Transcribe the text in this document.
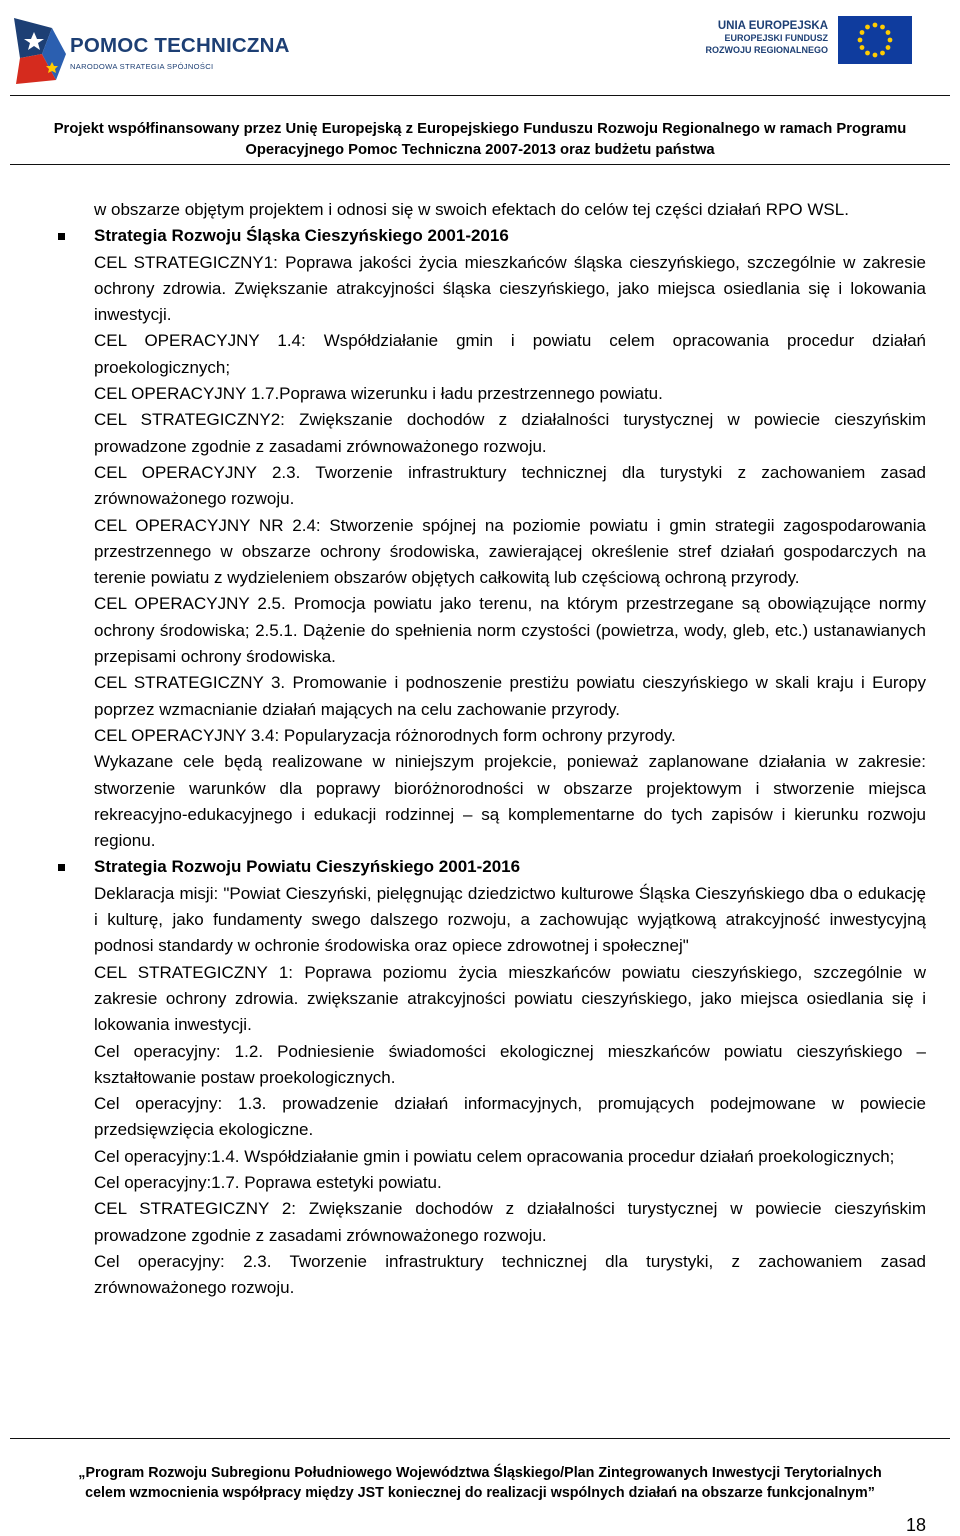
POMOC TECHNICZNA
NARODOWA STRATEGIA SPÓJNOŚCI
UNIA EUROPEJSKA
EUROPEJSKI FUNDUSZ
ROZWOJU REGIONALNEGO
Projekt współfinansowany przez Unię Europejską z Europejskiego Funduszu Rozwoju Regionalnego w ramach Programu
Operacyjnego Pomoc Techniczna 2007-2013 oraz budżetu państwa

w obszarze objętym projektem i odnosi się w swoich efektach do celów tej części działań RPO WSL.

Strategia Rozwoju Śląska Cieszyńskiego 2001-2016

CEL STRATEGICZNY1: Poprawa jakości życia mieszkańców śląska cieszyńskiego, szczególnie w zakresie ochrony zdrowia. Zwiększanie atrakcyjności śląska cieszyńskiego, jako miejsca osiedlania się i lokowania inwestycji.

CEL OPERACYJNY 1.4: Współdziałanie gmin i powiatu celem opracowania procedur działań proekologicznych;

CEL OPERACYJNY 1.7.Poprawa wizerunku i ładu przestrzennego powiatu.

CEL STRATEGICZNY2: Zwiększanie dochodów z działalności turystycznej w powiecie cieszyńskim prowadzone zgodnie z zasadami zrównoważonego rozwoju.

CEL OPERACYJNY 2.3. Tworzenie infrastruktury technicznej dla turystyki z zachowaniem zasad zrównoważonego rozwoju.

CEL OPERACYJNY NR 2.4: Stworzenie spójnej na poziomie powiatu i gmin strategii zagospodarowania przestrzennego w obszarze ochrony środowiska, zawierającej określenie stref działań gospodarczych na terenie powiatu z wydzieleniem obszarów objętych całkowitą lub częściową ochroną przyrody.

CEL OPERACYJNY 2.5. Promocja powiatu jako terenu, na którym przestrzegane są obowiązujące normy ochrony środowiska; 2.5.1. Dążenie do spełnienia norm czystości (powietrza, wody, gleb, etc.) ustanawianych przepisami ochrony środowiska.

CEL STRATEGICZNY 3. Promowanie i podnoszenie prestiżu powiatu cieszyńskiego w skali kraju i Europy poprzez wzmacnianie działań mających na celu zachowanie przyrody.

CEL OPERACYJNY 3.4: Popularyzacja różnorodnych form ochrony przyrody.

Wykazane cele będą realizowane w niniejszym projekcie, ponieważ zaplanowane działania w zakresie: stworzenie warunków dla poprawy bioróżnorodności w obszarze projektowym i stworzenie miejsca rekreacyjno-edukacyjnego i edukacji rodzinnej – są komplementarne do tych zapisów i kierunku rozwoju regionu.

Strategia Rozwoju Powiatu Cieszyńskiego 2001-2016

Deklaracja misji: "Powiat Cieszyński, pielęgnując dziedzictwo kulturowe Śląska Cieszyńskiego dba o edukację i kulturę, jako fundamenty swego dalszego rozwoju, a zachowując wyjątkową atrakcyjność inwestycyjną podnosi standardy w ochronie środowiska oraz opiece zdrowotnej i społecznej"

CEL STRATEGICZNY 1: Poprawa poziomu życia mieszkańców powiatu cieszyńskiego, szczególnie w zakresie ochrony zdrowia. zwiększanie atrakcyjności powiatu cieszyńskiego, jako miejsca osiedlania się i lokowania inwestycji.

Cel operacyjny: 1.2. Podniesienie świadomości ekologicznej mieszkańców powiatu cieszyńskiego – kształtowanie postaw proekologicznych.

Cel operacyjny: 1.3. prowadzenie działań informacyjnych, promujących podejmowane w powiecie przedsięwzięcia ekologiczne.

Cel operacyjny:1.4. Współdziałanie gmin i powiatu celem opracowania procedur działań proekologicznych;

Cel operacyjny:1.7. Poprawa estetyki powiatu.

CEL STRATEGICZNY 2: Zwiększanie dochodów z działalności turystycznej w powiecie cieszyńskim prowadzone zgodnie z zasadami zrównoważonego rozwoju.

Cel operacyjny: 2.3. Tworzenie infrastruktury technicznej dla turystyki, z zachowaniem zasad zrównoważonego rozwoju.

„Program Rozwoju Subregionu Południowego Województwa Śląskiego/Plan Zintegrowanych Inwestycji Terytorialnych
celem wzmocnienia współpracy między JST koniecznej do realizacji wspólnych działań na obszarze funkcjonalnym”
18
